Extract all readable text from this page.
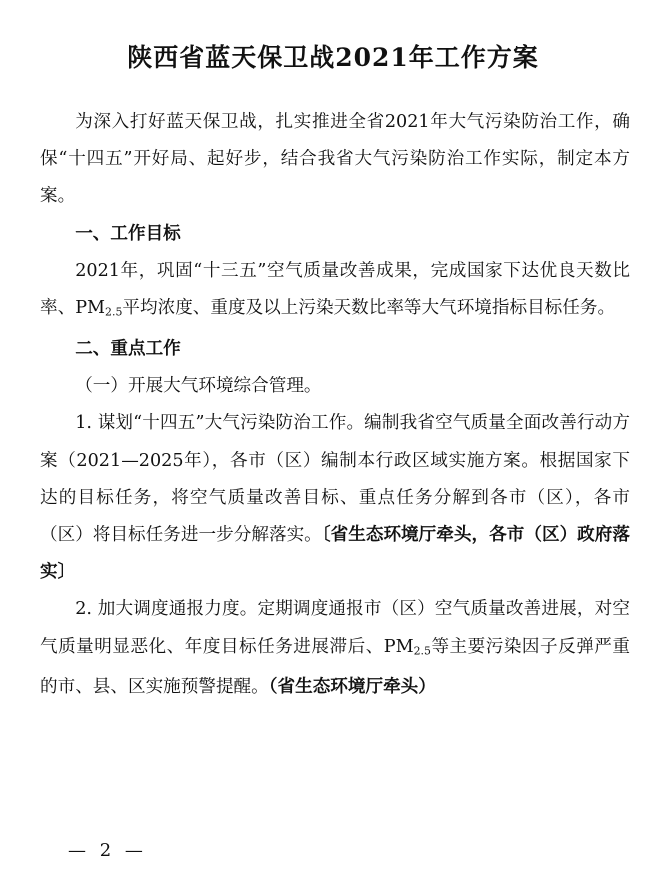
陕西省蓝天保卫战2021年工作方案

为深入打好蓝天保卫战，扎实推进全省2021年大气污染防治工作，确保“十四五”开好局、起好步，结合我省大气污染防治工作实际，制定本方案。

一、工作目标

2021年，巩固“十三五”空气质量改善成果，完成国家下达优良天数比率、$PM_{2.5}$平均浓度、重度及以上污染天数比率等大气环境指标目标任务。

二、重点工作

（一）开展大气环境综合管理。

1. 谋划“十四五”大气污染防治工作。编制我省空气质量全面改善行动方案（2021—2025年），各市（区）编制本行政区域实施方案。根据国家下达的目标任务，将空气质量改善目标、重点任务分解到各市（区），各市（区）将目标任务进一步分解落实。〔省生态环境厅牵头，各市（区）政府落实〕

2. 加大调度通报力度。定期调度通报市（区）空气质量改善进展，对空气质量明显恶化、年度目标任务进展滞后、$PM_{2.5}$等主要污染因子反弹严重的市、县、区实施预警提醒。（省生态环境厅牵头）

— 2 —
